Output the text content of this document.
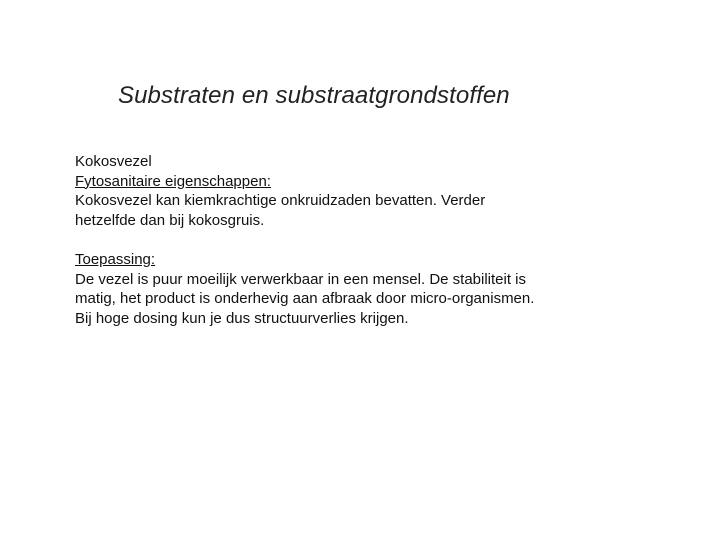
Substraten en substraatgrondstoffen

Kokosvezel

Fytosanitaire eigenschappen:

Kokosvezel kan kiemkrachtige onkruidzaden bevatten. Verder

hetzelfde dan bij kokosgruis.

Toepassing:

De vezel is puur moeilijk verwerkbaar in een mensel. De stabiliteit is

matig, het product is onderhevig aan afbraak door micro-organismen.

Bij hoge dosing kun je dus structuurverlies krijgen.
